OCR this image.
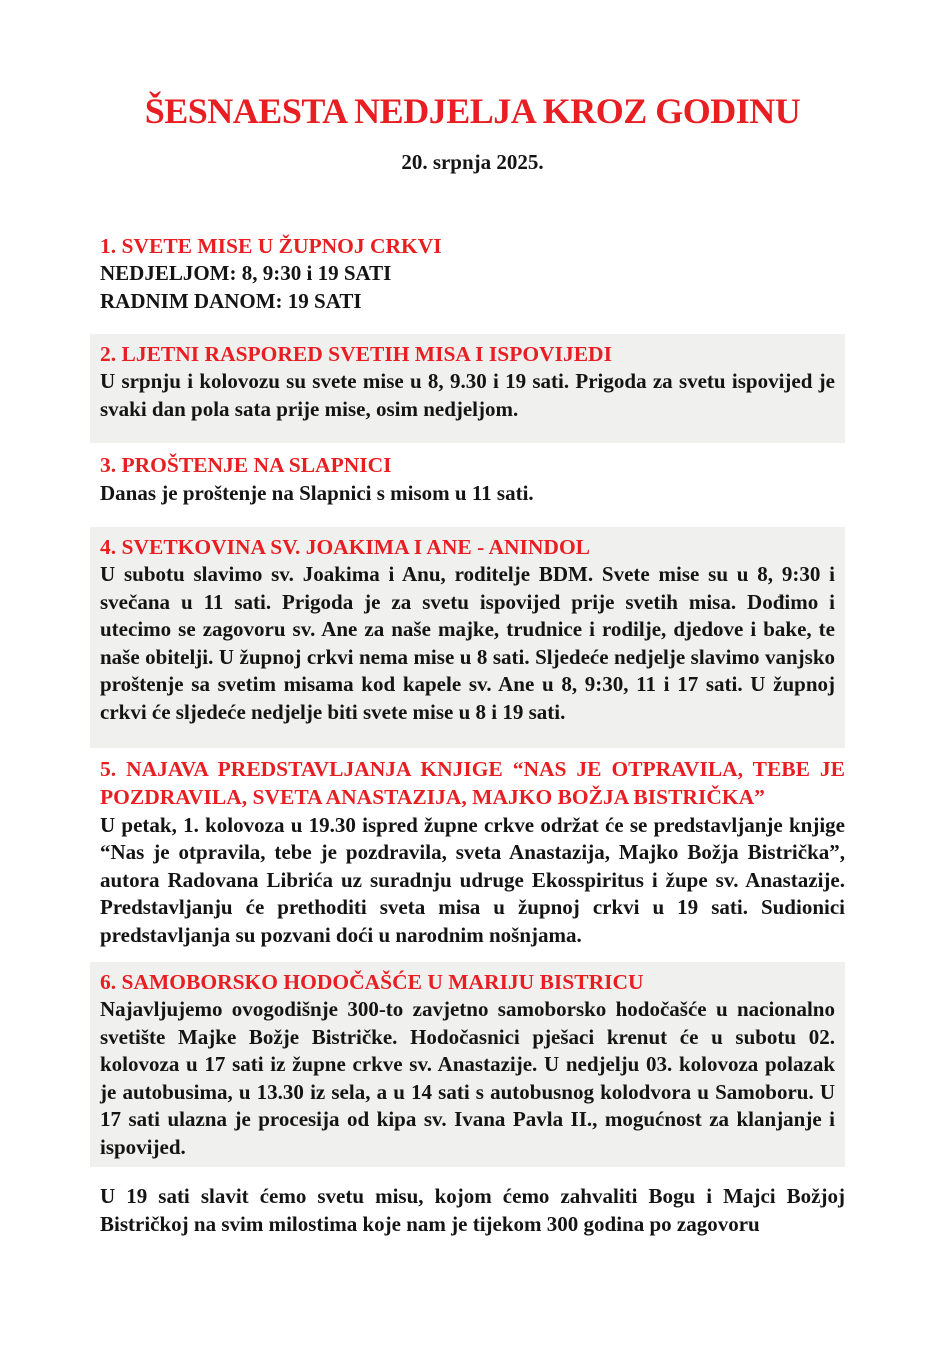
ŠESNAESTA NEDJELJA KROZ GODINU
20. srpnja 2025.
1. SVETE MISE U ŽUPNOJ CRKVI
NEDJELJOM: 8, 9:30 i 19 SATI
RADNIM DANOM: 19 SATI
2. LJETNI RASPORED SVETIH MISA I ISPOVIJEDI

U srpnju i kolovozu su svete mise u 8, 9.30 i 19 sati. Prigoda za svetu ispovijed je svaki dan pola sata prije mise, osim nedjeljom.

3. PROŠTENJE NA SLAPNICI

Danas je proštenje na Slapnici s misom u 11 sati.

4. SVETKOVINA SV. JOAKIMA I ANE - ANINDOL

U subotu slavimo sv. Joakima i Anu, roditelje BDM. Svete mise su u 8, 9:30 i svečana u 11 sati. Prigoda je za svetu ispovijed prije svetih misa. Dođimo i utecimo se zagovoru sv. Ane za naše majke, trudnice i rodilje, djedove i bake, te naše obitelji. U župnoj crkvi nema mise u 8 sati. Sljedeće nedjelje slavimo vanjsko proštenje sa svetim misama kod kapele sv. Ane u 8, 9:30, 11 i 17 sati. U župnoj crkvi će sljedeće nedjelje biti svete mise u 8 i 19 sati.

5. NAJAVA PREDSTAVLJANJA KNJIGE “NAS JE OTPRAVILA, TEBE JE POZDRAVILA, SVETA ANASTAZIJA, MAJKO BOŽJA BISTRIČKA”

U petak, 1. kolovoza u 19.30 ispred župne crkve održat će se predstavljanje knjige “Nas je otpravila, tebe je pozdravila, sveta Anastazija, Majko Božja Bistrička”, autora Radovana Librića uz suradnju udruge Ekosspiritus i župe sv. Anastazije. Predstavljanju će prethoditi sveta misa u župnoj crkvi u 19 sati. Sudionici predstavljanja su pozvani doći u narodnim nošnjama.

6. SAMOBORSKO HODOČAŠĆE U MARIJU BISTRICU

Najavljujemo ovogodišnje 300-to zavjetno samoborsko hodočašće u nacionalno svetište Majke Božje Bistričke. Hodočasnici pješaci krenut će u subotu 02. kolovoza u 17 sati iz župne crkve sv. Anastazije. U nedjelju 03. kolovoza polazak je autobusima, u 13.30 iz sela, a u 14 sati s autobusnog kolodvora u Samoboru. U 17 sati ulazna je procesija od kipa sv. Ivana Pavla II., mogućnost za klanjanje i ispovijed.

U 19 sati slavit ćemo svetu misu, kojom ćemo zahvaliti Bogu i Majci Božjoj Bistričkoj na svim milostima koje nam je tijekom 300 godina po zagovoru
